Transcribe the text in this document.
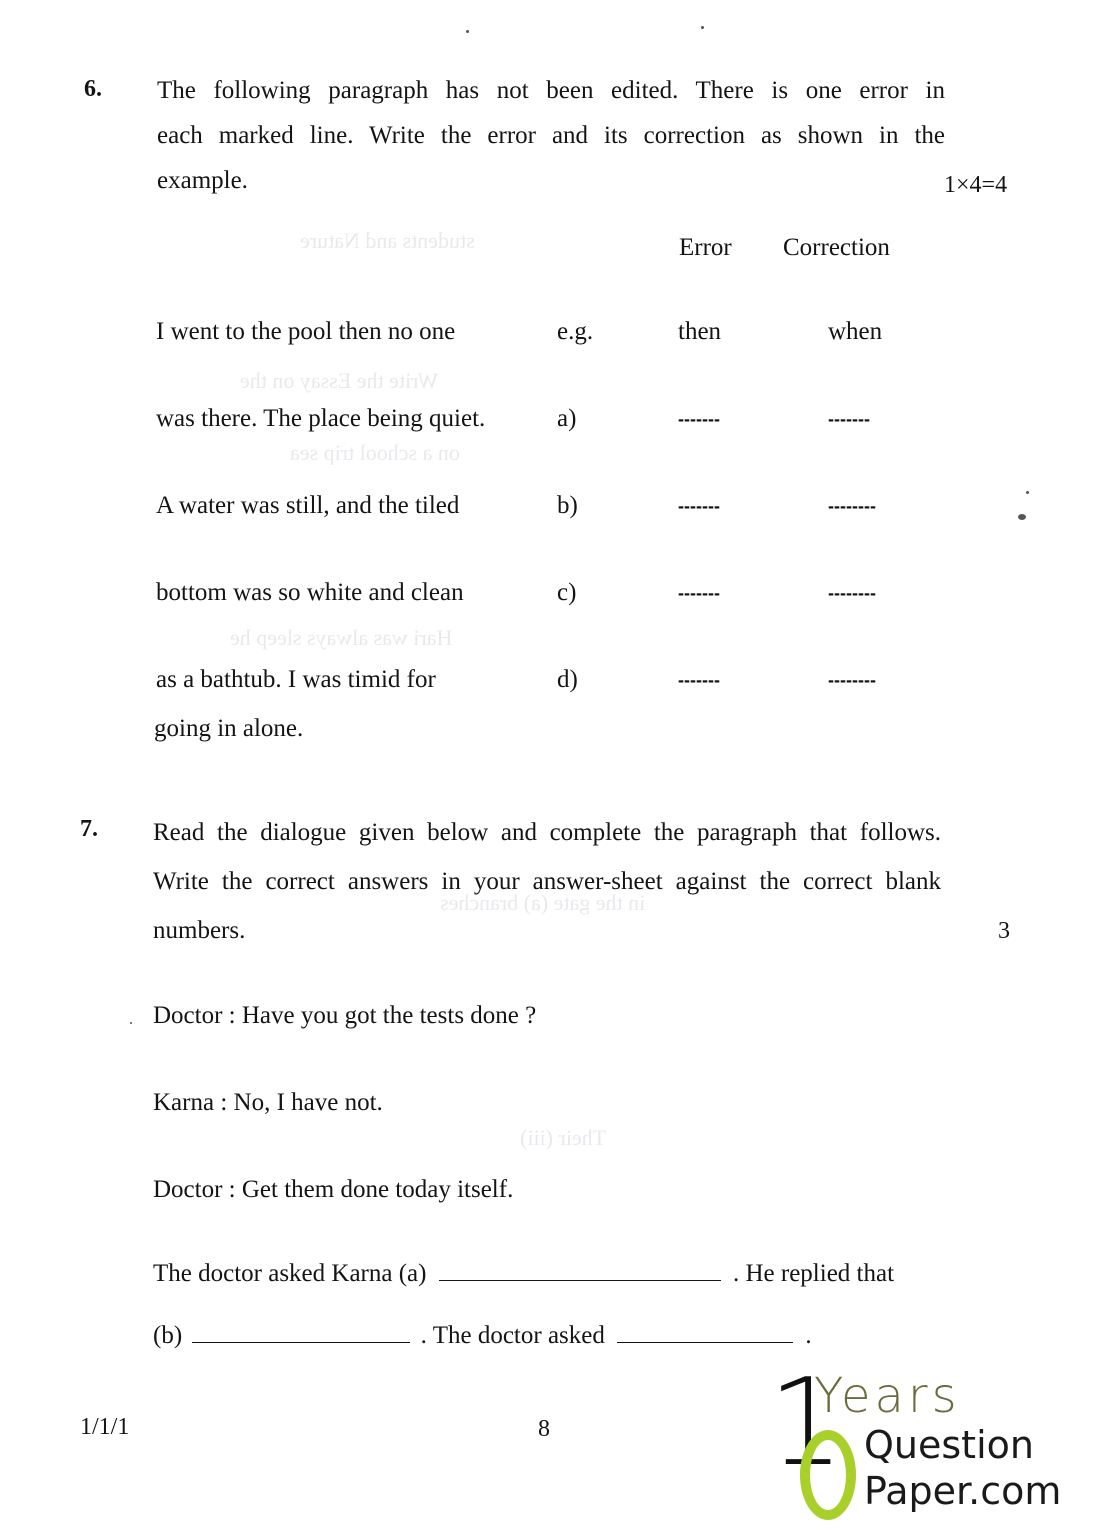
students and Nature
Write the Essay on the
on a school trip sea
Hari was always sleep he
in the gate (a) branches
Their (iii)
6. The following paragraph has not been edited. There is one error in
each marked line. Write the error and its correction as shown in the
example.	1×4=4
Error Correction
I went to the pool then no one	e.g.	then	when
was there. The place being quiet.	a)	-------	-------
A water was still, and the tiled	b)	-------	--------
bottom was so white and clean	c)	-------	--------
as a bathtub. I was timid for	d)	-------	--------
going in alone.
7. Read the dialogue given below and complete the paragraph that follows.
Write the correct answers in your answer-sheet against the correct blank
numbers.	3
Doctor : Have you got the tests done ?
Karna : No, I have not.
Doctor : Get them done today itself.
The doctor asked Karna (a)	. He replied that
(b)	. The doctor asked	.
1/1/1	8 1
Years
Question
Paper.com
